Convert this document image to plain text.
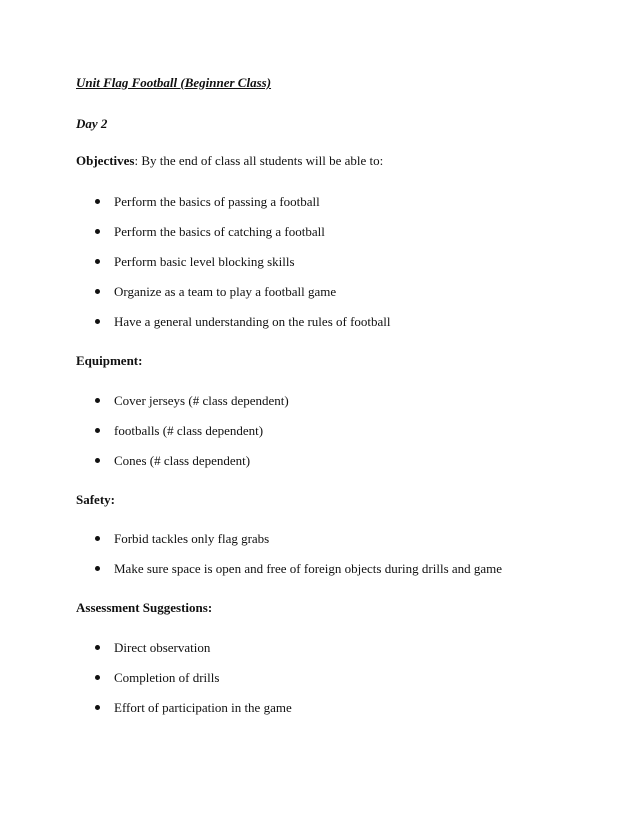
Unit Flag Football (Beginner Class)
Day 2
Objectives: By the end of class all students will be able to:
Perform the basics of passing a football
Perform the basics of catching a football
Perform basic level blocking skills
Organize as a team to play a football game
Have a general understanding on the rules of football
Equipment:
Cover jerseys (# class dependent)
footballs (# class dependent)
Cones (# class dependent)
Safety:
Forbid tackles only flag grabs
Make sure space is open and free of foreign objects during drills and game
Assessment Suggestions:
Direct observation
Completion of drills
Effort of participation in the game
